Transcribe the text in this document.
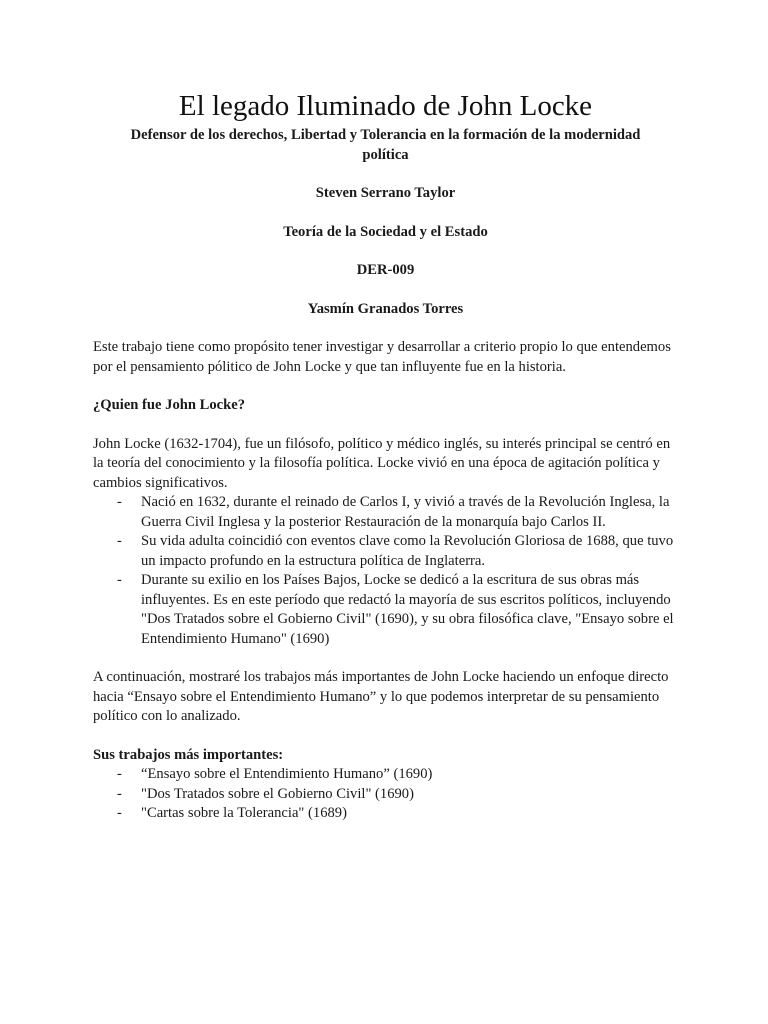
El legado Iluminado de John Locke

Defensor de los derechos, Libertad y Tolerancia en la formación de la modernidad política

Steven Serrano Taylor

Teoría de la Sociedad y el Estado

DER-009

Yasmín Granados Torres

Este trabajo tiene como propósito tener investigar y desarrollar a criterio propio lo que entendemos por el pensamiento pólitico de John Locke y que tan influyente fue en la historia.

¿Quien fue John Locke?

John Locke (1632-1704), fue un filósofo, político y médico inglés, su interés principal se centró en la teoría del conocimiento y la filosofía política. Locke vivió en una época de agitación política y cambios significativos.

- Nació en 1632, durante el reinado de Carlos I, y vivió a través de la Revolución Inglesa, la Guerra Civil Inglesa y la posterior Restauración de la monarquía bajo Carlos II.
- Su vida adulta coincidió con eventos clave como la Revolución Gloriosa de 1688, que tuvo un impacto profundo en la estructura política de Inglaterra.
- Durante su exilio en los Países Bajos, Locke se dedicó a la escritura de sus obras más influyentes. Es en este período que redactó la mayoría de sus escritos políticos, incluyendo "Dos Tratados sobre el Gobierno Civil" (1690), y su obra filosófica clave, "Ensayo sobre el Entendimiento Humano" (1690)

A continuación, mostraré los trabajos más importantes de John Locke haciendo un enfoque directo hacia “Ensayo sobre el Entendimiento Humano” y lo que podemos interpretar de su pensamiento político con lo analizado.

Sus trabajos más importantes:

- “Ensayo sobre el Entendimiento Humano” (1690)
- "Dos Tratados sobre el Gobierno Civil" (1690)
- "Cartas sobre la Tolerancia" (1689)
